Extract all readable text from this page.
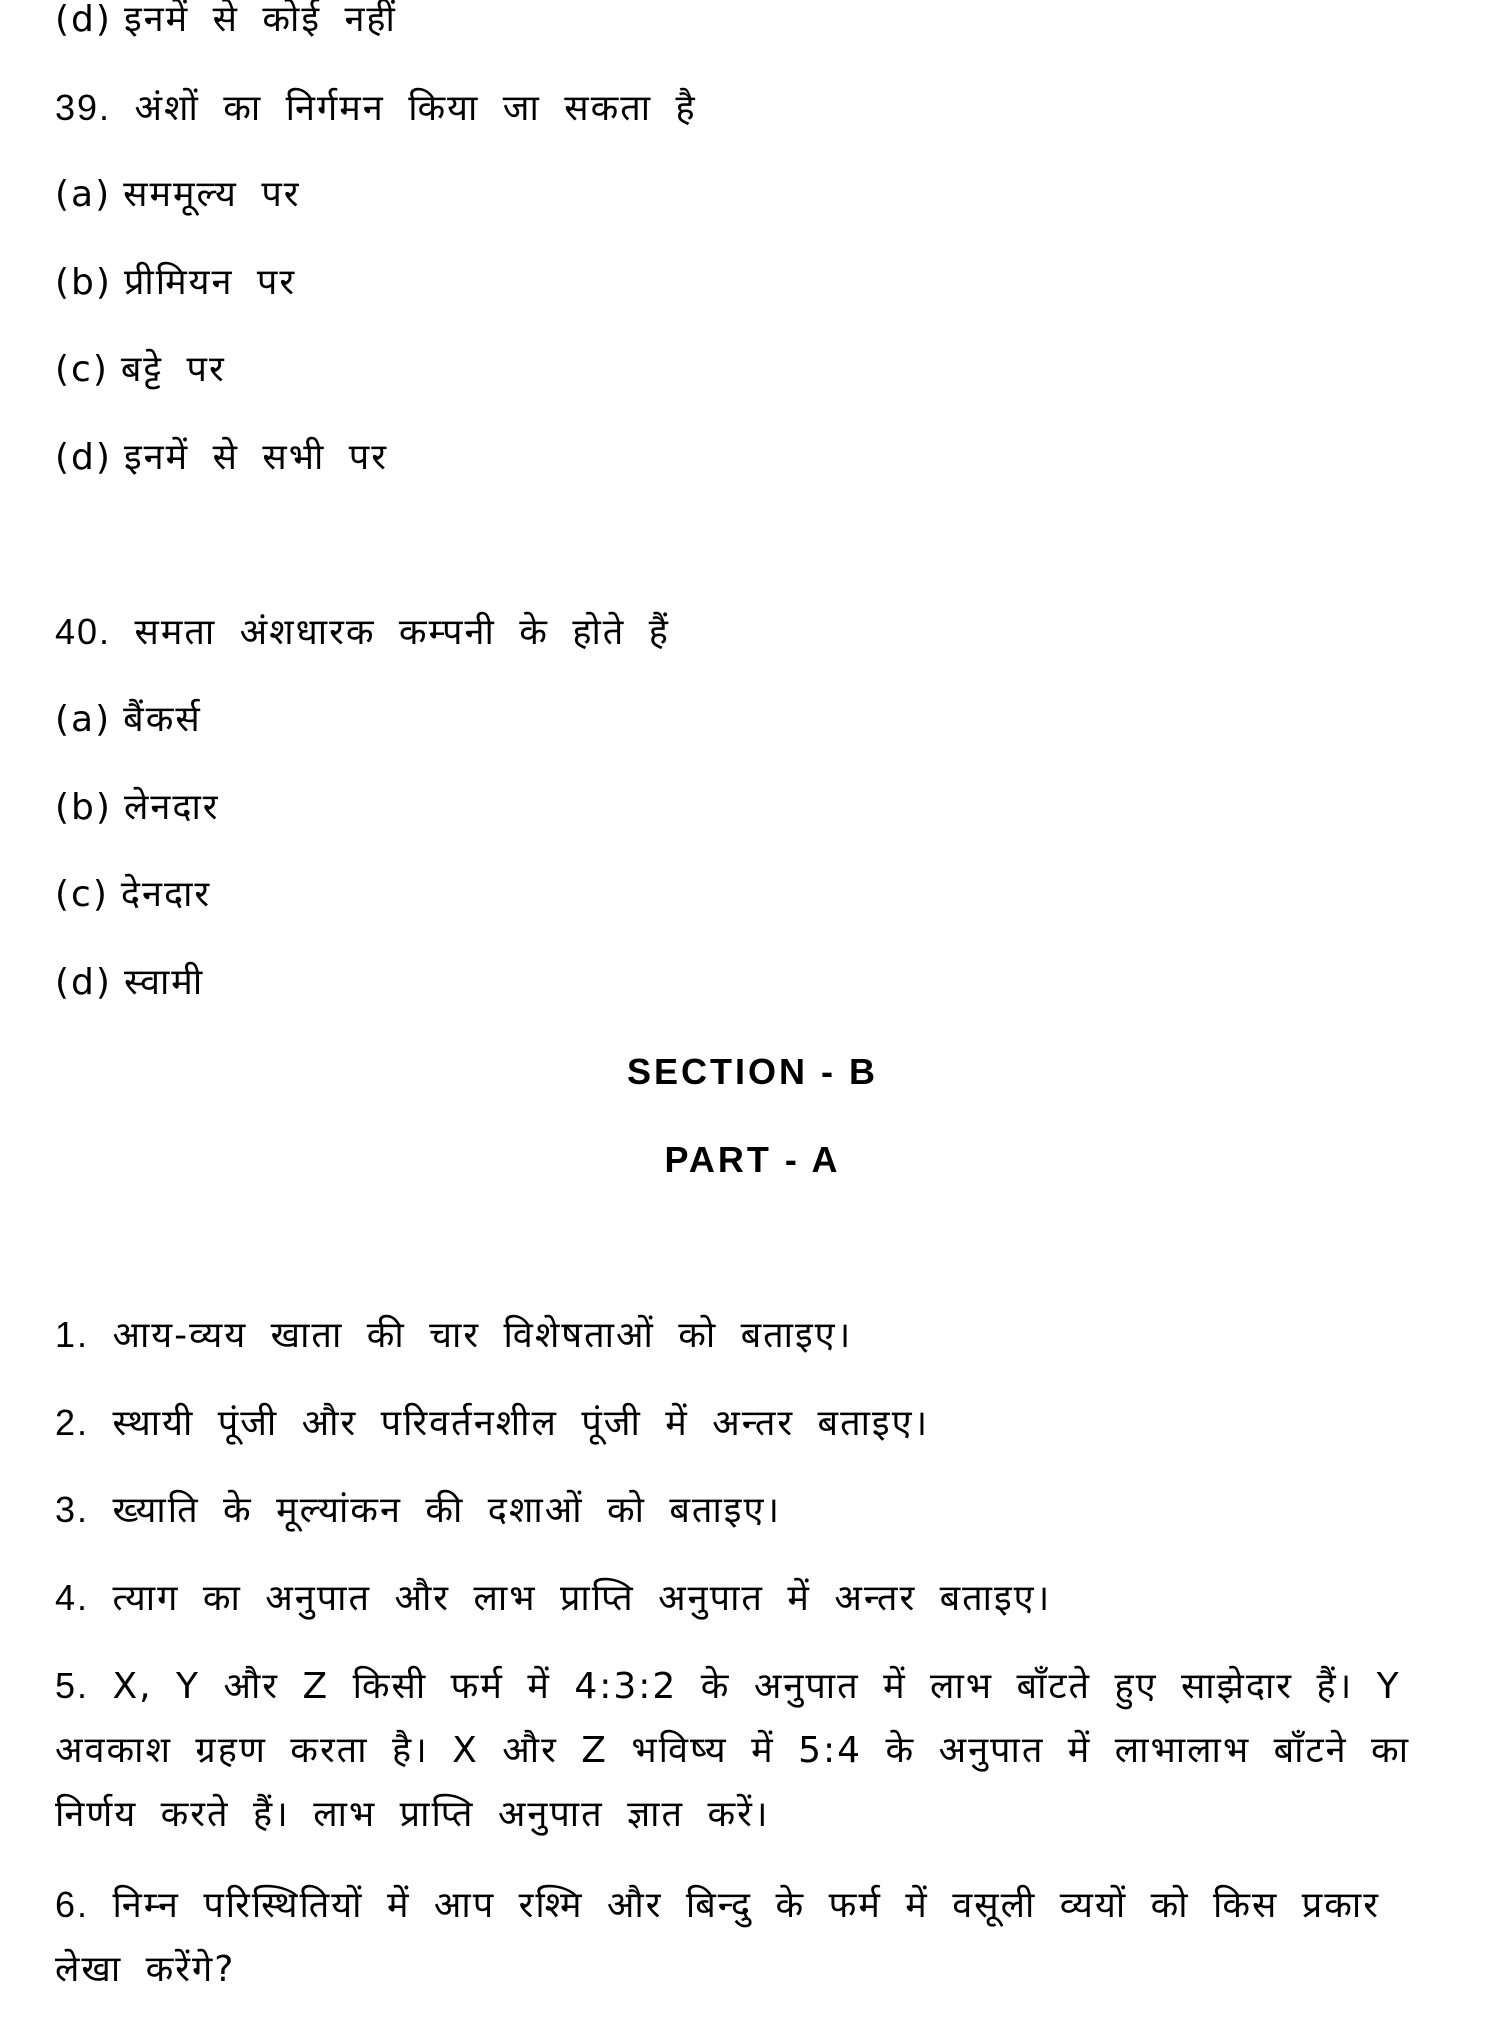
(d) इनमें से कोई नहीं
39. अंशों का निर्गमन किया जा सकता है
(a) सममूल्य पर
(b) प्रीमियन पर
(c) बट्टे पर
(d) इनमें से सभी पर
40. समता अंशधारक कम्पनी के होते हैं
(a) बैंकर्स
(b) लेनदार
(c) देनदार
(d) स्वामी
SECTION - B
PART - A
1. आय-व्यय खाता की चार विशेषताओं को बताइए।
2. स्थायी पूंजी और परिवर्तनशील पूंजी में अन्तर बताइए।
3. ख्याति के मूल्यांकन की दशाओं को बताइए।
4. त्याग का अनुपात और लाभ प्राप्ति अनुपात में अन्तर बताइए।
5. X, Y और Z किसी फर्म में 4:3:2 के अनुपात में लाभ बाँटते हुए साझेदार हैं। Y अवकाश ग्रहण करता है। X और Z भविष्य में 5:4 के अनुपात में लाभालाभ बाँटने का निर्णय करते हैं। लाभ प्राप्ति अनुपात ज्ञात करें।
6. निम्न परिस्थितियों में आप रश्मि और बिन्दु के फर्म में वसूली व्ययों को किस प्रकार लेखा करेंगे?
